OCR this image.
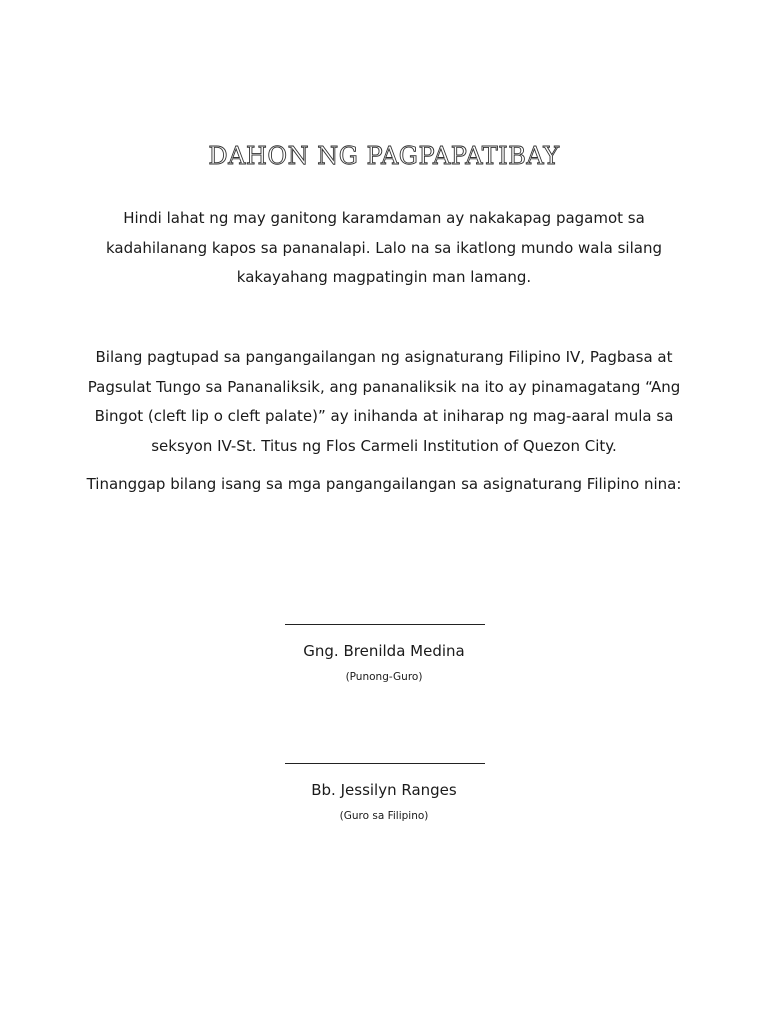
DAHON NG PAGPAPATIBAY

Hindi lahat ng may ganitong karamdaman ay nakakapag pagamot sa kadahilanang kapos sa pananalapi. Lalo na sa ikatlong mundo wala silang kakayahang magpatingin man lamang.

Bilang pagtupad sa pangangailangan ng asignaturang Filipino IV, Pagbasa at Pagsulat Tungo sa Pananaliksik, ang pananaliksik na ito ay pinamagatang “Ang Bingot (cleft lip o cleft palate)” ay inihanda at iniharap ng mag-aaral mula sa seksyon IV-St. Titus ng Flos Carmeli Institution of Quezon City.

Tinanggap bilang isang sa mga pangangailangan sa asignaturang Filipino nina:

Gng. Brenilda Medina
(Punong-Guro)
Bb. Jessilyn Ranges
(Guro sa Filipino)
